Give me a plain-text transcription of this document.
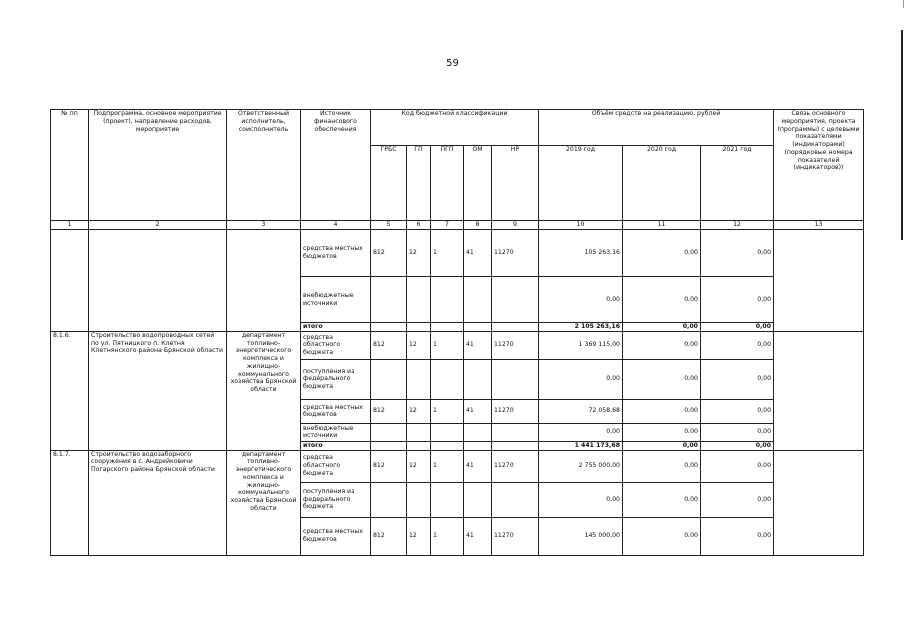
59
№ пп	Подпрограмма, основное мероприятие (проект), направление расходов, мероприятие	Ответственный исполнитель, соисполнитель	Источник финансового обеспечения	Код бюджетной классификации					Объём средств на реализацию, рублей			Связь основного мероприятия, проекта (программы) с целевыми показателями (индикаторами) (порядковые номера показателей (индикаторов))
				ГРБС	ГП	ПГП	ОМ	НР	2019 год	2020 год	2021 год	
1	2	3	4	5	6	7	8	9	10	11	12	13
			средства местных бюджетов	812	12	1	41	11270	105 263,16	0,00	0,00	
			внебюджетные источники						0,00	0,00	0,00	
			итого						2 105 263,16	0,00	0,00	
8.1.6.	Строительство водопроводных сетей по ул. Пятницкого п. Клетня Клетнянского района Брянской области	департамент топливно-энергетического комплекса и жилищно-коммунального хозяйства Брянской области	средства областного бюджета	812	12	1	41	11270	1 369 115,00	0,00	0,00	
			поступления из федерального бюджета						0,00	0,00	0,00	
			средства местных бюджетов	812	12	1	41	11270	72 058,68	0,00	0,00	
			внебюджетные источники						0,00	0,00	0,00	
			итого						1 441 173,68	0,00	0,00	
8.1.7.	Строительство водозаборного сооружения в с. Андрейковичи Погарского района Брянской области	департамент топливно-энергетического комплекса и жилищно-коммунального хозяйства Брянской области	средства областного бюджета	812	12	1	41	11270	2 755 000,00	0,00	0,00	
			поступления из федерального бюджета						0,00	0,00	0,00	
			средства местных бюджетов	812	12	1	41	11270	145 000,00	0,00	0,00	
